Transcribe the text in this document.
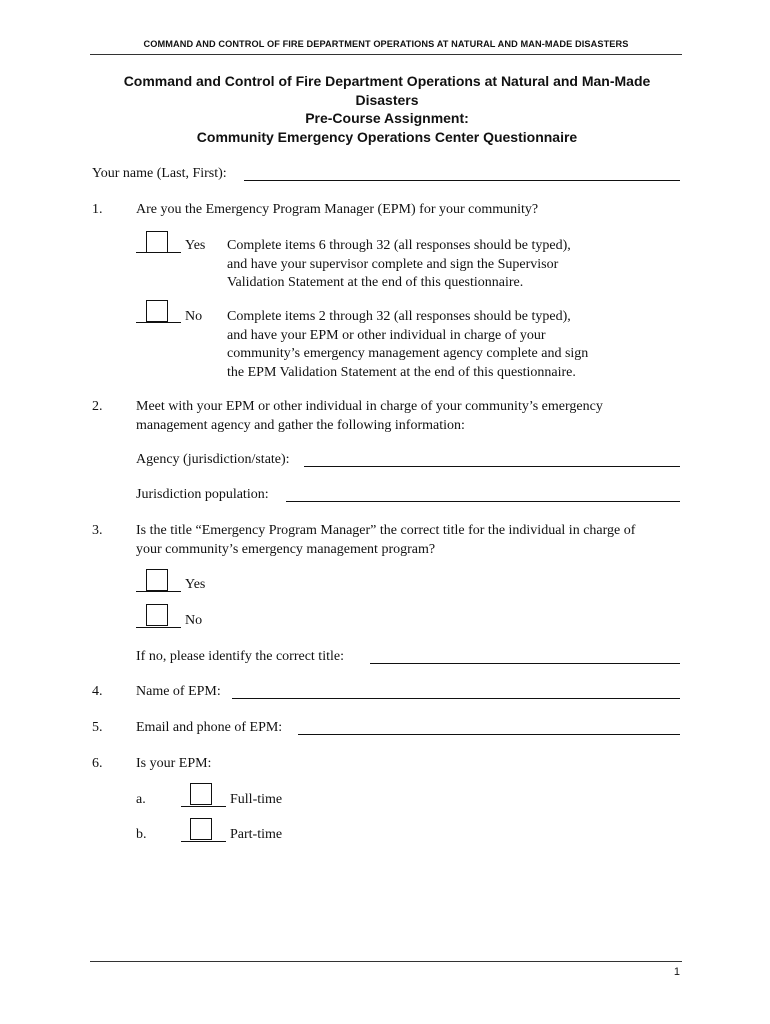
COMMAND AND CONTROL OF FIRE DEPARTMENT OPERATIONS AT NATURAL AND MAN-MADE DISASTERS
Command and Control of Fire Department Operations at Natural and Man-Made
Disasters
Pre-Course Assignment:
Community Emergency Operations Center Questionnaire
Your name (Last, First):
1. Are you the Emergency Program Manager (EPM) for your community?
Yes Complete items 6 through 32 (all responses should be typed),
and have your supervisor complete and sign the Supervisor
Validation Statement at the end of this questionnaire.
No Complete items 2 through 32 (all responses should be typed),
and have your EPM or other individual in charge of your
community’s emergency management agency complete and sign
the EPM Validation Statement at the end of this questionnaire.
2. Meet with your EPM or other individual in charge of your community’s emergency
management agency and gather the following information:
Agency (jurisdiction/state):
Jurisdiction population:
3. Is the title “Emergency Program Manager” the correct title for the individual in charge of
your community’s emergency management program?
Yes
No
If no, please identify the correct title:
4. Name of EPM:
5. Email and phone of EPM:
6. Is your EPM:
a.	Full-time
b.	Part-time
1
